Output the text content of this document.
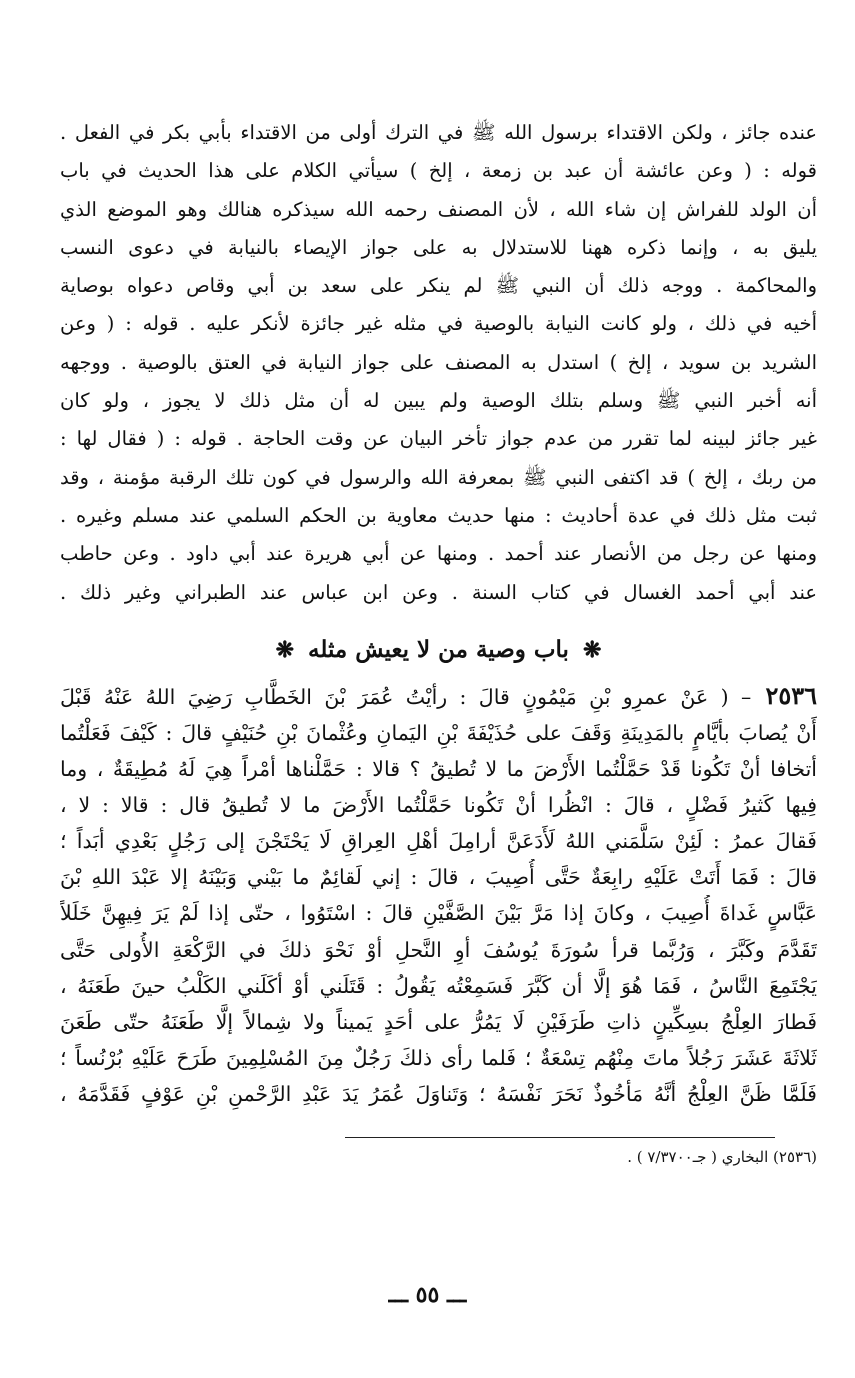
عنده جائز ، ولكن الاقتداء برسول الله ﷺ في الترك أولى من الاقتداء بأبي بكر في الفعل .
قوله : ( وعن عائشة أن عبد بن زمعة ، إلخ ) سيأتي الكلام على هذا الحديث في باب
أن الولد للفراش إن شاء الله ، لأن المصنف رحمه الله سيذكره هنالك وهو الموضع الذي
يليق به ، وإنما ذكره ههنا للاستدلال به على جواز الإيصاء بالنيابة في دعوى النسب
والمحاكمة . ووجه ذلك أن النبي ﷺ لم ينكر على سعد بن أبي وقاص دعواه بوصاية
أخيه في ذلك ، ولو كانت النيابة بالوصية في مثله غير جائزة لأنكر عليه . قوله : ( وعن
الشريد بن سويد ، إلخ ) استدل به المصنف على جواز النيابة في العتق بالوصية . ووجهه
أنه أخبر النبي ﷺ وسلم بتلك الوصية ولم يبين له أن مثل ذلك لا يجوز ، ولو كان
غير جائز لبينه لما تقرر من عدم جواز تأخر البيان عن وقت الحاجة . قوله : ( فقال لها :
من ربك ، إلخ ) قد اكتفى النبي ﷺ بمعرفة الله والرسول في كون تلك الرقبة مؤمنة ، وقد
ثبت مثل ذلك في عدة أحاديث : منها حديث معاوية بن الحكم السلمي عند مسلم وغيره .
ومنها عن رجل من الأنصار عند أحمد . ومنها عن أبي هريرة عند أبي داود . وعن حاطب
عند أبي أحمد الغسال في كتاب السنة . وعن ابن عباس عند الطبراني وغير ذلك .

❋ باب وصية من لا يعيش مثله ❋

٢٥٣٦ – ( عَنْ عمرِو بْنِ مَيْمُونٍ قالَ : رأيْتُ عُمَرَ بْنَ الخَطَّابِ رَضِيَ اللهُ عَنْهُ قَبْلَ
أَنْ يُصابَ بأيَّامٍ بالمَدِينَةِ وَقَفَ على حُذَيْفَةَ بْنِ اليَمانِ وعُثْمانَ بْنِ حُنَيْفٍ قالَ : كَيْفَ فَعَلْتُما
أتخافا أنْ تَكُونا قَدْ حَمَّلْتُما الأَرْضَ ما لا تُطيقُ ؟ قالا : حَمَّلْناها أمْراً هِيَ لَهُ مُطِيقَةٌ ، وما
فِيها كَثيرُ فَضْلٍ ، قالَ : انْظُرا أنْ تَكُونا حَمَّلْتُما الأَرْضَ ما لا تُطيقُ قال : قالا : لا ،
فَقالَ عمرُ : لَئِنْ سَلَّمَني اللهُ لَأَدَعَنَّ أرامِلَ أهْلِ العِراقِ لَا يَحْتَجْنَ إلى رَجُلٍ بَعْدِي أبَداً ؛
قالَ : فَمَا أَتَتْ عَلَيْهِ رابِعَةٌ حَتَّى أُصِيبَ ، قالَ : إني لَقائِمٌ ما بَيْني وَبَيْنَهُ إلا عَبْدَ اللهِ بْنَ
عَبَّاسٍ غَداةَ أُصِيبَ ، وكانَ إذا مَرَّ بَيْنَ الصَّفَّيْنِ قالَ : اسْتَوُوا ، حتّى إذا لَمْ يَرَ فِيهِنَّ خَلَلاً
تَقَدَّمَ وكَبَّرَ ، وَرُبَّما قرأ سُورَةَ يُوسُفَ أوِ النَّحلِ أوْ نَحْوَ ذلكَ في الرَّكْعَةِ الأُولى حَتَّى
يَجْتَمِعَ النَّاسُ ، فَمَا هُوَ إلَّا أن كَبَّرَ فَسَمِعْتُه يَقُولُ : قَتَلَني أوْ أكَلَني الكَلْبُ حينَ طَعَنَهُ ،
فَطارَ العِلْجُ بسِكِّينٍ ذاتِ طَرَفَيْنِ لَا يَمُرُّ على أحَدٍ يَميناً ولا شِمالاً إلَّا طَعَنَهُ حتّى طَعَنَ
ثَلاثَةَ عَشَرَ رَجُلاً ماتَ مِنْهُم تِسْعَةٌ ؛ فَلما رأى ذلكَ رَجُلٌ مِنَ المُسْلِمِينَ طَرَحَ عَلَيْهِ بُرْنُساً ؛
فَلَمَّا ظَنَّ العِلْجُ أنَّهُ مَأخُوذٌ نَحَرَ نَفْسَهُ ؛ وَتَناوَلَ عُمَرُ يَدَ عَبْدِ الرَّحْمنِ بْنِ عَوْفٍ فَقَدَّمَهُ ،

(٢٥٣٦) البخاري ( جـ٧/٣٧٠٠ ) .
ـــ ٥٥ ـــ
